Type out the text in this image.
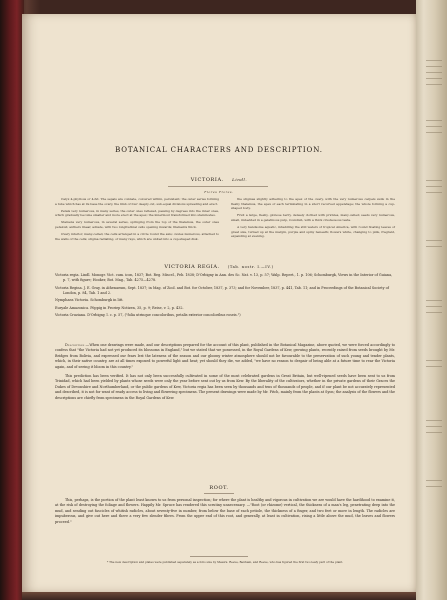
BOTANICAL CHARACTERS AND DESCRIPTION.
VICTORIA. Lindl.
Flores Flores.

Calyx 4-phyllous or 4-fid. The sepals are connate, coloured within, persistent; the outer series forming a tube which has at its base the ovary, the limb of four deeply-cut, sub-equal divisions spreading and erect.

Petals very numerous, in many series, the outer ones reflexed, passing by degrees into the inner ones, which gradually become smaller and more erect at the apex; the innermost transformed into staminodes.

Stamens very numerous, in several series, springing from the top of the thalamus, the outer ones petaloid; anthers linear, adnate, with two longitudinal cells opening inwards; filaments thick.

Ovary inferior, many-celled, the cells arranged in a circle round the axis; ovules numerous, attached to the walls of the cells; stigma radiating, of many rays, which are united into a cup-shaped disk.

the stigmas slightly adhering to the apex of the ovary, with the very numerous carpels sunk in the fleshy thalamus, the apex of each terminating in a short recurved appendage; the whole forming a cup-shaped body.

Fruit a large, fleshy, globose berry, densely clothed with prickles, many-celled; seeds very numerous, small, imbedded in a gelatinous pulp, roundish, with a thick crustaceous testa.

A very handsome aquatic, inhabiting the still waters of tropical America, with round floating leaves of great size, turned up at the margin, purple and spiny beneath; flowers white, changing to pink, fragrant, expanding at evening.

VICTORIA REGIA. (Tab. nostr. I.—IV.)
Victoria regia. Lindl. Monogr. Vict. cum. icon, 1837; Bot. Reg. Miscel., Feb. 1838; D'Orbigny in Ann. des Sc. Nat. v. 13, p. 57; Walp. Repert., 1. p. 106; Schomburgk, Views in the Interior of Guiana, p. 7, with figure; Hooker, Bot. Mag., Tab. 4275—4278.
Victoria Regina. J. E. Gray, in Athenaeum, Sept. 1837; in Mag. of Zool. and Bot. for October, 1837, p. 373; and for November, 1837, p. 441, Tab. 11; and in Proceedings of the Botanical Society of London, p. 84, Tab. 1 and 2.
Nymphaea Victoria. Schomburgk in litt.
Euryale Amazonica. Pöppig in Froriep Notizen, 35, p. 9; Reise, v. 2, p. 432.
Victoria Cruziana. D'Orbigny, l. c. p. 57, ("folia utrinque concoloribus, petalis exterior concoloribus roseis.")

Description.—When one drawings were made, and our descriptions prepared for the account of this plant, published in the Botanical Magazine, above quoted, we were forced accordingly to confess that "the Victoria had not yet produced its blossoms in England," but we stated that we possessed, in the Royal Gardens of Kew, growing plants, recently raised from seeds brought by Mr. Bridges from Bolivia, and expressed our fears lest the lateness of the season and our gloomy winter atmosphere should not be favourable to the preservation of such young and tender plants, which, in their native country, are at all times exposed to powerful light and heat; yet should they die, we added, "we have no reason to despair of being able at a future time to rear the Victoria again, and of seeing it bloom in this country."

This prediction has been verified. It has not only been successfully cultivated in some of the most celebrated gardens in Great Britain, but well-ripened seeds have been sent to us from Trinidad, which had been yielded by plants whose seeds were only the year before sent out by us from Kew. By the liberality of the cultivators, whether in the private gardens of their Graces the Dukes of Devonshire and Northumberland, or the public gardens of Kew, Victoria regia has been seen by thousands and tens of thousands of people, and if our plant be not accurately represented and described, it is not for want of ready access to living and flowering specimens. The present drawings were made by Mr. Fitch, mainly from the plants at Syon; the analysis of the flowers and the descriptions are chiefly from specimens in the Royal Gardens of Kew.

ROOT.

This, perhaps, is the portion of the plant least known to us from personal inspection; for where the plant is healthy and vigorous in cultivation we are would have the hardihood to examine it, at the risk of destroying the foliage and flowers. Happily Mr. Spruce has rendered this scrutiny unnecessary. —"Root (or rhizome) vertical, the thickness of a man's leg, penetrating deep into the mud, and sending out fascicles of whitish radicles, about seventy-five in number, from below the base of each petiole, the thickness of a finger, and two feet or more in length. The radicles are impuberous, and give out here and there a very few slender fibres. From the upper end of this root, and generally, at least in cultivation, rising a little above the mud, the leaves and flowers proceed."

* The new description and plates were published separately as a folio size by Messrs. Reeve, Benham, and Reeve, who has figured the first two leafy part of the plant.
